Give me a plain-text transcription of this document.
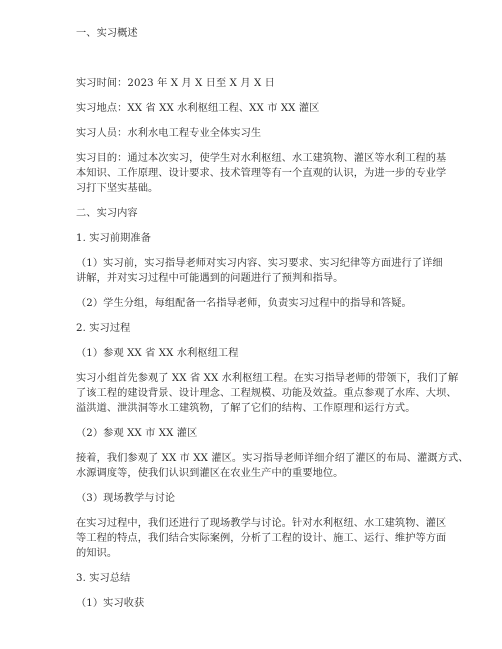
一、实习概述
实习时间：2023 年 X 月 X 日至 X 月 X 日
实习地点：XX 省 XX 水利枢纽工程、XX 市 XX 灌区
实习人员：水利水电工程专业全体实习生
实习目的：通过本次实习，使学生对水利枢纽、水工建筑物、灌区等水利工程的基
本知识、工作原理、设计要求、技术管理等有一个直观的认识，为进一步的专业学
习打下坚实基础。
二、实习内容
1. 实习前期准备
（1）实习前，实习指导老师对实习内容、实习要求、实习纪律等方面进行了详细
讲解，并对实习过程中可能遇到的问题进行了预判和指导。
（2）学生分组，每组配备一名指导老师，负责实习过程中的指导和答疑。
2. 实习过程
（1）参观 XX 省 XX 水利枢纽工程
实习小组首先参观了 XX 省 XX 水利枢纽工程。在实习指导老师的带领下，我们了解
了该工程的建设背景、设计理念、工程规模、功能及效益。重点参观了水库、大坝、
溢洪道、泄洪洞等水工建筑物，了解了它们的结构、工作原理和运行方式。
（2）参观 XX 市 XX 灌区
接着，我们参观了 XX 市 XX 灌区。实习指导老师详细介绍了灌区的布局、灌溉方式、
水源调度等，使我们认识到灌区在农业生产中的重要地位。
（3）现场教学与讨论
在实习过程中，我们还进行了现场教学与讨论。针对水利枢纽、水工建筑物、灌区
等工程的特点，我们结合实际案例，分析了工程的设计、施工、运行、维护等方面
的知识。
3. 实习总结
（1）实习收获
